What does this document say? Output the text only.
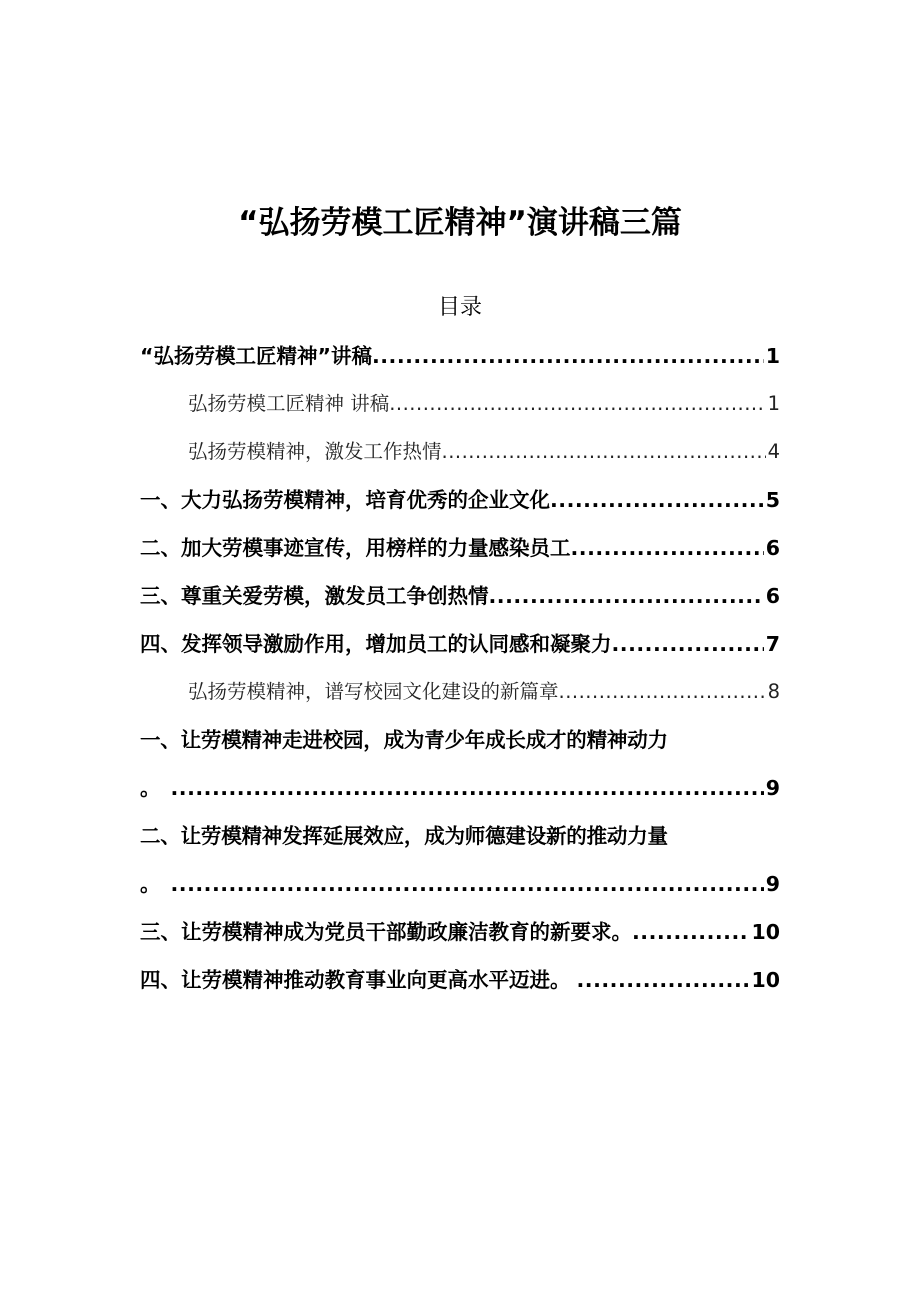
“弘扬劳模工匠精神”演讲稿三篇
目录
“弘扬劳模工匠精神”讲稿 .....	1
弘扬劳模工匠精神 讲稿 .....	1
弘扬劳模精神，激发工作热情 .....	4
一、大力弘扬劳模精神，培育优秀的企业文化 .....	5
二、加大劳模事迹宣传，用榜样的力量感染员工 .....	6
三、尊重关爱劳模，激发员工争创热情 .....	6
四、发挥领导激励作用，增加员工的认同感和凝聚力 .....	7
弘扬劳模精神，谱写校园文化建设的新篇章 .....	8
一、让劳模精神走进校园，成为青少年成长成才的精神动力
。 .....	9
二、让劳模精神发挥延展效应，成为师德建设新的推动力量
。 .....	9
三、让劳模精神成为党员干部勤政廉洁教育的新要求。 .....	10
四、让劳模精神推动教育事业向更高水平迈进。 .....	10
